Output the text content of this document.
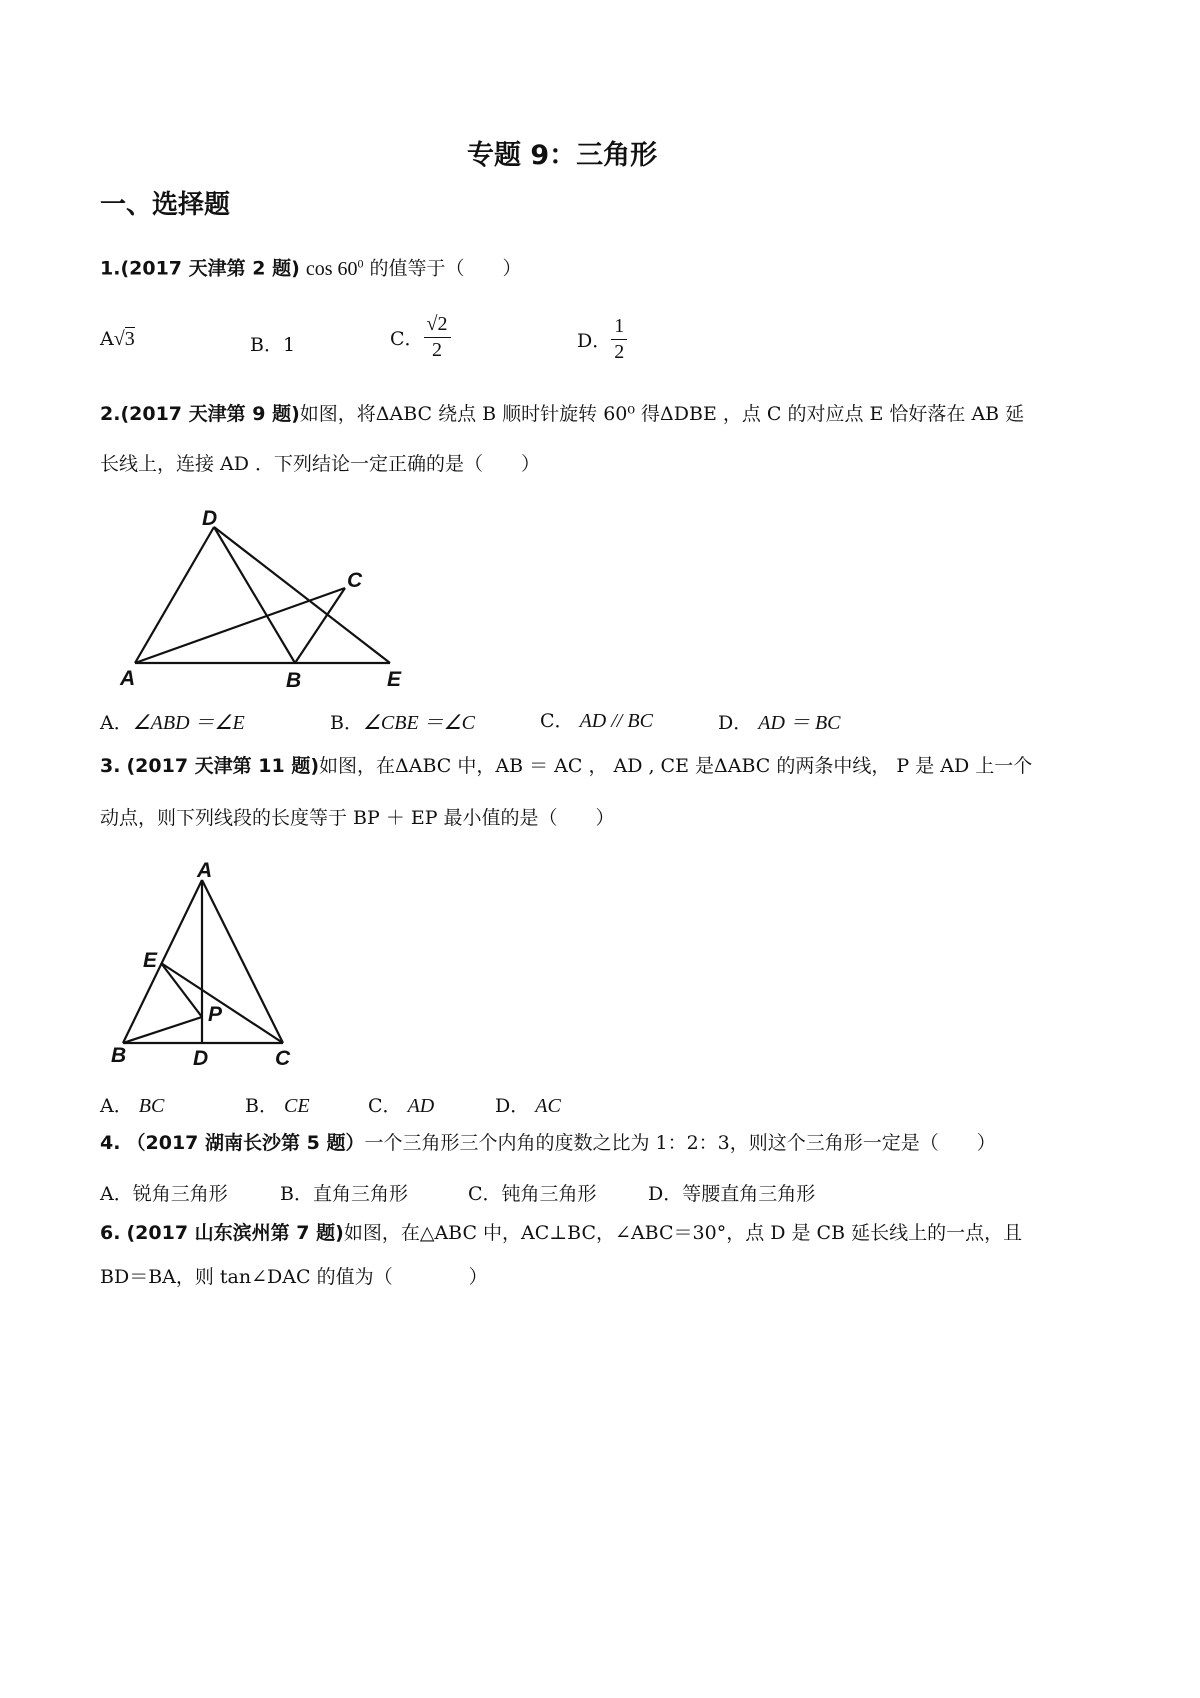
专题 9：三角形
一、选择题
1.(2017 天津第 2 题) $\cos 60^0$ 的值等于（　　）
A√3	B．1	C． $\frac{√2}{2}$	D． $\frac{1}{2}$
2.(2017 天津第 9 题)如图，将ΔABC 绕点 B 顺时针旋转 60⁰ 得ΔDBE ，点 C 的对应点 E 恰好落在 AB 延
长线上，连接 AD ．下列结论一定正确的是（　　）
D
C
A	B	E
A．∠ABD ＝∠E	B．∠CBE ＝∠C	C． AD // BC	D． AD ＝ BC
3. (2017 天津第 11 题)如图，在ΔABC 中，AB ＝ AC ， AD , CE 是ΔABC 的两条中线， P 是 AD 上一个
动点，则下列线段的长度等于 BP ＋ EP 最小值的是（　　）
A
E
P
B	D	C
A． BC	B． CE	C． AD	D． AC
4. （2017 湖南长沙第 5 题）一个三角形三个内角的度数之比为 1：2：3，则这个三角形一定是（　　）
A．锐角三角形	B．直角三角形	C．钝角三角形	D．等腰直角三角形
6. (2017 山东滨州第 7 题)如图，在△ABC 中，AC⊥BC，∠ABC＝30°，点 D 是 CB 延长线上的一点，且
BD＝BA，则 tan∠DAC 的值为（　　　　）
